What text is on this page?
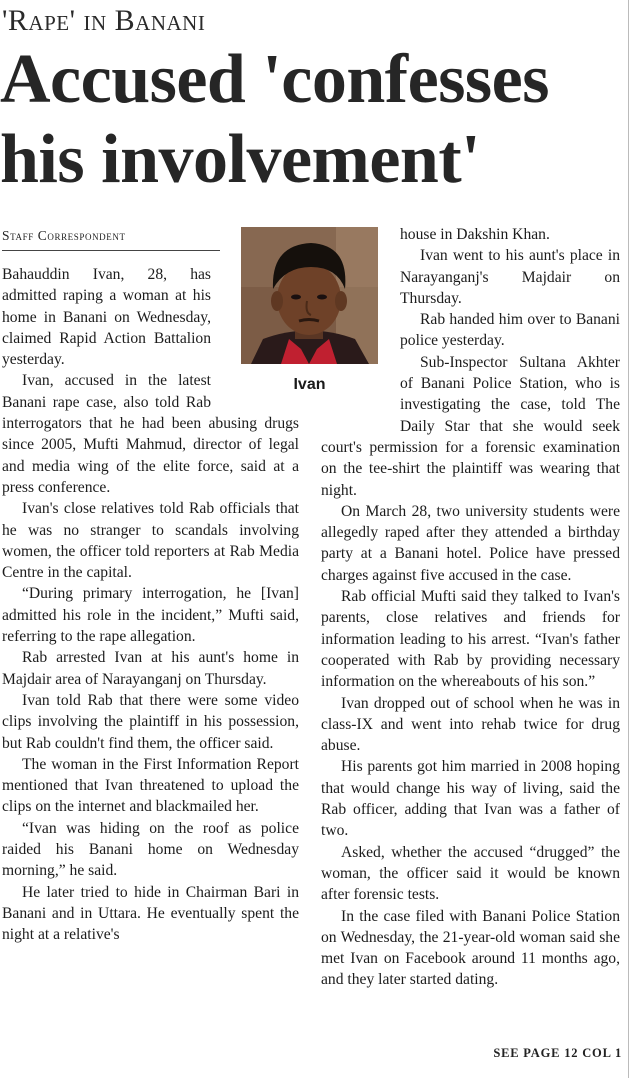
'Rape' in Banani
Accused 'confesses
his involvement'
Staff Correspondent
Ivan

Bahauddin Ivan, 28, has admitted raping a woman at his home in Banani on Wednesday, claimed Rapid Action Battalion yesterday.

Ivan, accused in the latest Banani rape case, also told Rab interrogators that he had been abusing drugs since 2005, Mufti Mahmud, director of legal and media wing of the elite force, said at a press conference.

Ivan's close relatives told Rab officials that he was no stranger to scandals involving women, the officer told reporters at Rab Media Centre in the capital.

“During primary interrogation, he [Ivan] admitted his role in the incident,” Mufti said, referring to the rape allegation.

Rab arrested Ivan at his aunt's home in Majdair area of Narayanganj on Thursday.

Ivan told Rab that there were some video clips involving the plaintiff in his possession, but Rab couldn't find them, the officer said.

The woman in the First Information Report mentioned that Ivan threatened to upload the clips on the internet and blackmailed her.

“Ivan was hiding on the roof as police raided his Banani home on Wednesday morning,” he said.

He later tried to hide in Chairman Bari in Banani and in Uttara. He eventually spent the night at a relative's

house in Dakshin Khan.

Ivan went to his aunt's place in Narayanganj's Majdair on Thursday.

Rab handed him over to Banani police yesterday.

Sub-Inspector Sultana Akhter of Banani Police Station, who is investigating the case, told The Daily Star that she would seek court's permission for a forensic examination on the tee-shirt the plaintiff was wearing that night.

On March 28, two university students were allegedly raped after they attended a birthday party at a Banani hotel. Police have pressed charges against five accused in the case.

Rab official Mufti said they talked to Ivan's parents, close relatives and friends for information leading to his arrest. “Ivan's father cooperated with Rab by providing necessary information on the whereabouts of his son.”

Ivan dropped out of school when he was in class-IX and went into rehab twice for drug abuse.

His parents got him married in 2008 hoping that would change his way of living, said the Rab officer, adding that Ivan was a father of two.

Asked, whether the accused “drugged” the woman, the officer said it would be known after forensic tests.

In the case filed with Banani Police Station on Wednesday, the 21-year-old woman said she met Ivan on Facebook around 11 months ago, and they later started dating.

SEE PAGE 12 COL 1
